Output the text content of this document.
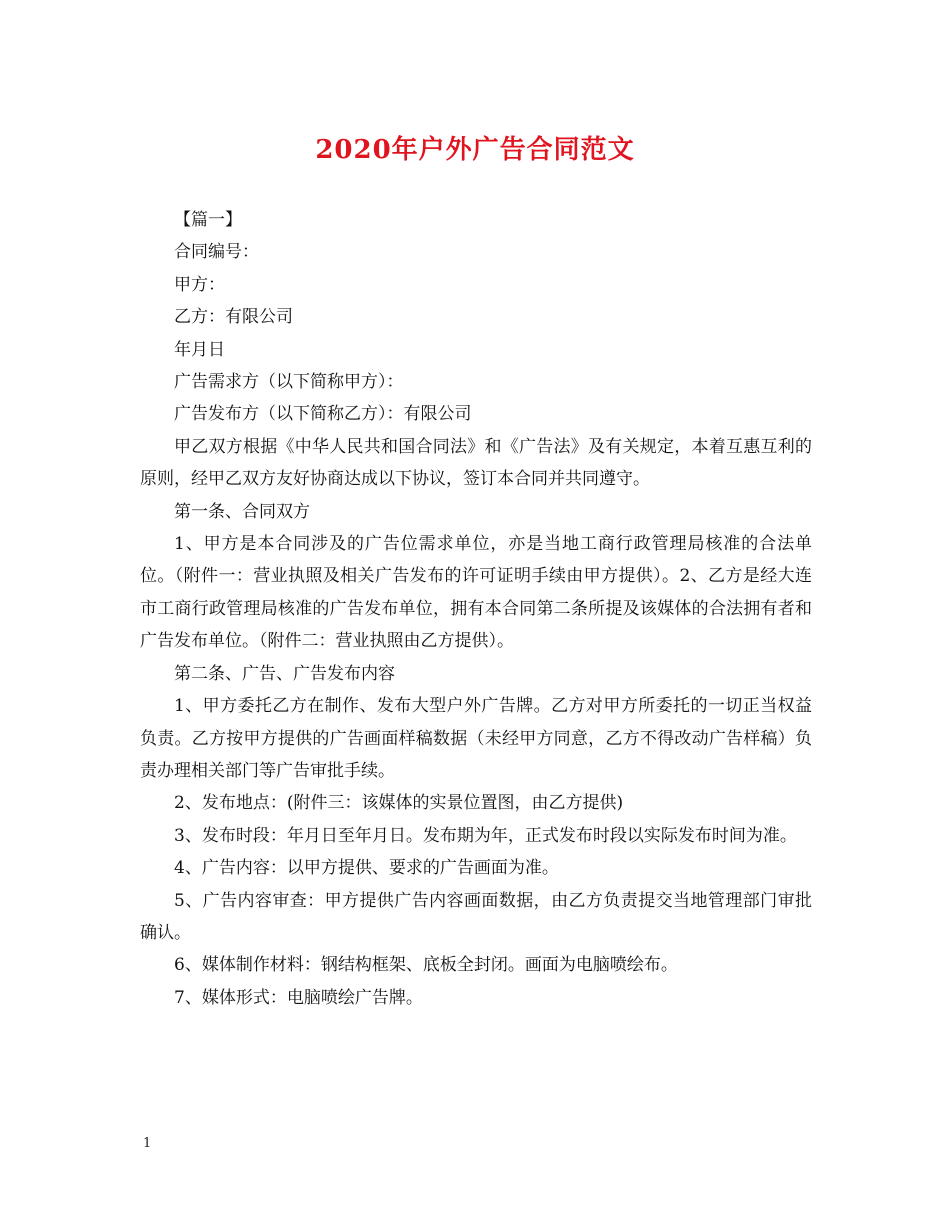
2020年户外广告合同范文

【篇一】

合同编号：

甲方：

乙方：有限公司

年月日

广告需求方（以下简称甲方）：

广告发布方（以下简称乙方）：有限公司

甲乙双方根据《中华人民共和国合同法》和《广告法》及有关规定，本着互惠互利的原则，经甲乙双方友好协商达成以下协议，签订本合同并共同遵守。

第一条、合同双方

1、甲方是本合同涉及的广告位需求单位，亦是当地工商行政管理局核准的合法单位。（附件一：营业执照及相关广告发布的许可证明手续由甲方提供）。2、乙方是经大连市工商行政管理局核准的广告发布单位，拥有本合同第二条所提及该媒体的合法拥有者和广告发布单位。（附件二：营业执照由乙方提供）。

第二条、广告、广告发布内容

1、甲方委托乙方在制作、发布大型户外广告牌。乙方对甲方所委托的一切正当权益负责。乙方按甲方提供的广告画面样稿数据（未经甲方同意，乙方不得改动广告样稿）负责办理相关部门等广告审批手续。

2、发布地点：(附件三：该媒体的实景位置图，由乙方提供)

3、发布时段：年月日至年月日。发布期为年，正式发布时段以实际发布时间为准。

4、广告内容：以甲方提供、要求的广告画面为准。

5、广告内容审查：甲方提供广告内容画面数据，由乙方负责提交当地管理部门审批确认。

6、媒体制作材料：钢结构框架、底板全封闭。画面为电脑喷绘布。

7、媒体形式：电脑喷绘广告牌。

1
